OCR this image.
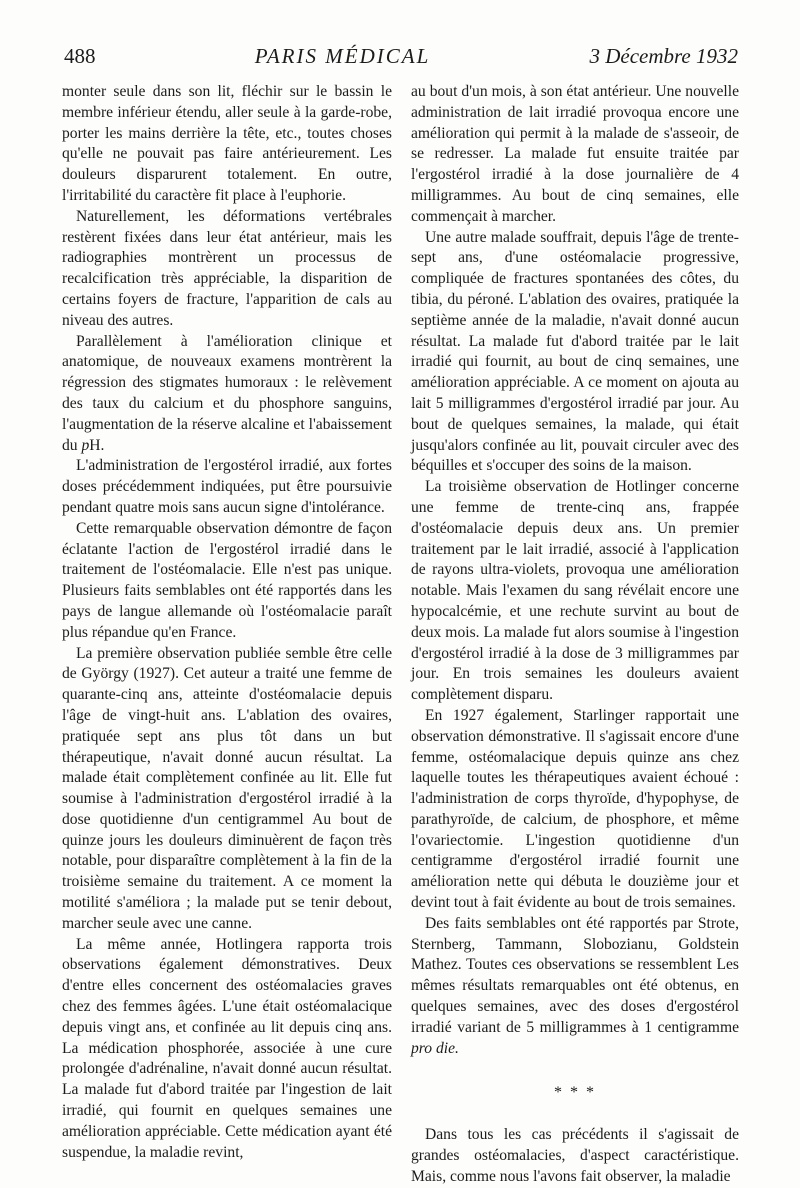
488	PARIS MÉDICAL	3 Décembre 1932

monter seule dans son lit, fléchir sur le bassin le membre inférieur étendu, aller seule à la garde-robe, porter les mains derrière la tête, etc., toutes choses qu'elle ne pouvait pas faire antérieurement. Les douleurs disparurent totalement. En outre, l'irritabilité du caractère fit place à l'euphorie.

Naturellement, les déformations vertébrales restèrent fixées dans leur état antérieur, mais les radiographies montrèrent un processus de recalcification très appréciable, la disparition de certains foyers de fracture, l'apparition de cals au niveau des autres.

Parallèlement à l'amélioration clinique et anatomique, de nouveaux examens montrèrent la régression des stigmates humoraux : le relèvement des taux du calcium et du phosphore sanguins, l'augmentation de la réserve alcaline et l'abaissement du pH.

L'administration de l'ergostérol irradié, aux fortes doses précédemment indiquées, put être poursuivie pendant quatre mois sans aucun signe d'intolérance.

Cette remarquable observation démontre de façon éclatante l'action de l'ergostérol irradié dans le traitement de l'ostéomalacie. Elle n'est pas unique. Plusieurs faits semblables ont été rapportés dans les pays de langue allemande où l'ostéomalacie paraît plus répandue qu'en France.

La première observation publiée semble être celle de György (1927). Cet auteur a traité une femme de quarante-cinq ans, atteinte d'ostéomalacie depuis l'âge de vingt-huit ans. L'ablation des ovaires, pratiquée sept ans plus tôt dans un but thérapeutique, n'avait donné aucun résultat. La malade était complètement confinée au lit. Elle fut soumise à l'administration d'ergostérol irradié à la dose quotidienne d'un centigrammel Au bout de quinze jours les douleurs diminuèrent de façon très notable, pour disparaître complètement à la fin de la troisième semaine du traitement. A ce moment la motilité s'améliora ; la malade put se tenir debout, marcher seule avec une canne.

La même année, Hotlingera rapporta trois observations également démonstratives. Deux d'entre elles concernent des ostéomalacies graves chez des femmes âgées. L'une était ostéomalacique depuis vingt ans, et confinée au lit depuis cinq ans. La médication phosphorée, associée à une cure prolongée d'adrénaline, n'avait donné aucun résultat. La malade fut d'abord traitée par l'ingestion de lait irradié, qui fournit en quelques semaines une amélioration appréciable. Cette médication ayant été suspendue, la maladie revint,

au bout d'un mois, à son état antérieur. Une nouvelle administration de lait irradié provoqua encore une amélioration qui permit à la malade de s'asseoir, de se redresser. La malade fut ensuite traitée par l'ergostérol irradié à la dose journalière de 4 milligrammes. Au bout de cinq semaines, elle commençait à marcher.

Une autre malade souffrait, depuis l'âge de trente-sept ans, d'une ostéomalacie progressive, compliquée de fractures spontanées des côtes, du tibia, du péroné. L'ablation des ovaires, pratiquée la septième année de la maladie, n'avait donné aucun résultat. La malade fut d'abord traitée par le lait irradié qui fournit, au bout de cinq semaines, une amélioration appréciable. A ce moment on ajouta au lait 5 milligrammes d'ergostérol irradié par jour. Au bout de quelques semaines, la malade, qui était jusqu'alors confinée au lit, pouvait circuler avec des béquilles et s'occuper des soins de la maison.

La troisième observation de Hotlinger concerne une femme de trente-cinq ans, frappée d'ostéomalacie depuis deux ans. Un premier traitement par le lait irradié, associé à l'application de rayons ultra-violets, provoqua une amélioration notable. Mais l'examen du sang révélait encore une hypocalcémie, et une rechute survint au bout de deux mois. La malade fut alors soumise à l'ingestion d'ergostérol irradié à la dose de 3 milligrammes par jour. En trois semaines les douleurs avaient complètement disparu.

En 1927 également, Starlinger rapportait une observation démonstrative. Il s'agissait encore d'une femme, ostéomalacique depuis quinze ans chez laquelle toutes les thérapeutiques avaient échoué : l'administration de corps thyroïde, d'hypophyse, de parathyroïde, de calcium, de phosphore, et même l'ovariectomie. L'ingestion quotidienne d'un centigramme d'ergostérol irradié fournit une amélioration nette qui débuta le douzième jour et devint tout à fait évidente au bout de trois semaines.

Des faits semblables ont été rapportés par Strote, Sternberg, Tammann, Slobozianu, Goldstein Mathez. Toutes ces observations se ressemblent Les mêmes résultats remarquables ont été obtenus, en quelques semaines, avec des doses d'ergostérol irradié variant de 5 milligrammes à 1 centigramme pro die.

* * *

Dans tous les cas précédents il s'agissait de grandes ostéomalacies, d'aspect caractéristique. Mais, comme nous l'avons fait observer, la maladie
